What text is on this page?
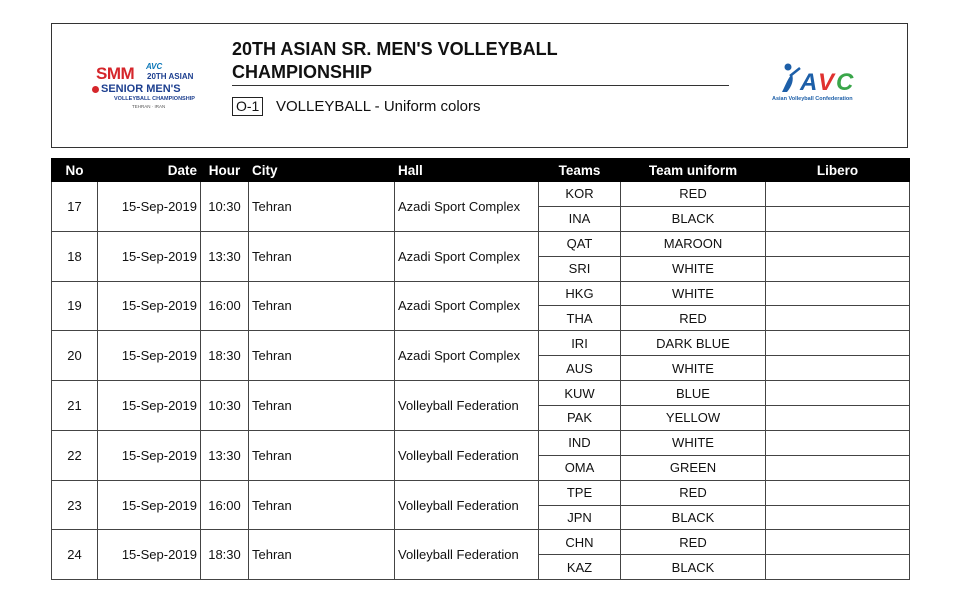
SMM AVC
20TH ASIAN
SENIOR MEN'S
VOLLEYBALL CHAMPIONSHIP
TEHRAN · IRAN
20TH ASIAN SR. MEN'S VOLLEYBALL
CHAMPIONSHIP
O-1 VOLLEYBALL - Uniform colors
A V C
Asian Volleyball Confederation
No	Date	Hour	City	Hall	Teams	Team uniform	Libero
17	15-Sep-2019	10:30	Tehran	Azadi Sport Complex	KOR	RED	
					INA	BLACK	
18	15-Sep-2019	13:30	Tehran	Azadi Sport Complex	QAT	MAROON	
					SRI	WHITE	
19	15-Sep-2019	16:00	Tehran	Azadi Sport Complex	HKG	WHITE	
					THA	RED	
20	15-Sep-2019	18:30	Tehran	Azadi Sport Complex	IRI	DARK BLUE	
					AUS	WHITE	
21	15-Sep-2019	10:30	Tehran	Volleyball Federation	KUW	BLUE	
					PAK	YELLOW	
22	15-Sep-2019	13:30	Tehran	Volleyball Federation	IND	WHITE	
					OMA	GREEN	
23	15-Sep-2019	16:00	Tehran	Volleyball Federation	TPE	RED	
					JPN	BLACK	
24	15-Sep-2019	18:30	Tehran	Volleyball Federation	CHN	RED	
					KAZ	BLACK	
